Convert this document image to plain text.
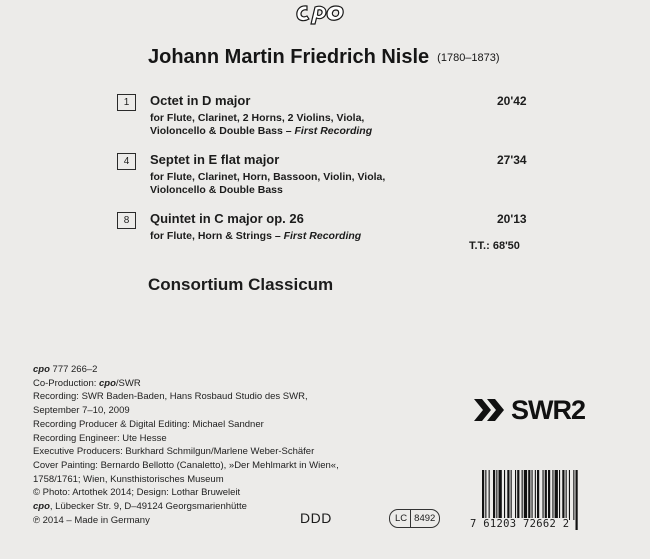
Johann Martin Friedrich Nisle (1780–1873)
1	Octet in D major	20'42
for Flute, Clarinet, 2 Horns, 2 Violins, Viola,
Violoncello & Double Bass – First Recording
4	Septet in E flat major	27'34
for Flute, Clarinet, Horn, Bassoon, Violin, Viola,
Violoncello & Double Bass
8	Quintet in C major op. 26	20'13
for Flute, Horn & Strings – First Recording
T.T.: 68'50
Consortium Classicum
cpo 777 266–2
Co-Production: cpo/SWR
Recording: SWR Baden-Baden, Hans Rosbaud Studio des SWR,
September 7–10, 2009
Recording Producer & Digital Editing: Michael Sandner
Recording Engineer: Ute Hesse
Executive Producers: Burkhard Schmilgun/Marlene Weber-Schäfer
Cover Painting: Bernardo Bellotto (Canaletto), »Der Mehlmarkt in Wien«,
1758/1761; Wien, Kunsthistorisches Museum
© Photo: Artothek 2014; Design: Lothar Bruweleit
cpo, Lübecker Str. 9, D–49124 Georgsmarienhütte
℗ 2014 – Made in Germany	DDD	LC 8492
SWR2
7 61203 72662 2
